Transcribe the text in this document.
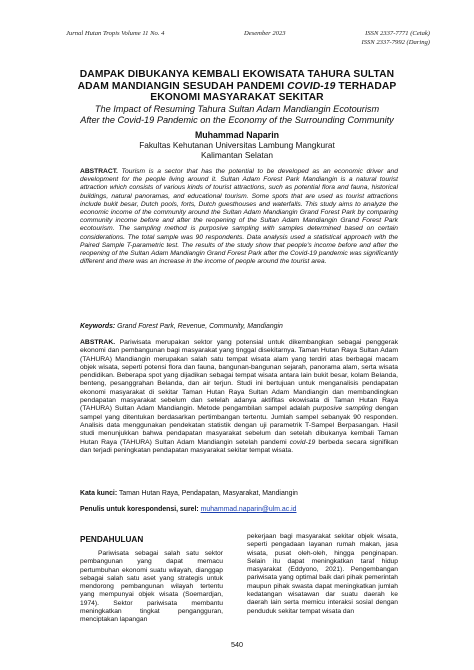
Jurnal Hutan Tropis Volume 11 No. 4	Desember 2023	ISSN 2337-7771 (Cetak)
ISSN 2337-7992 (Daring)
DAMPAK DIBUKANYA KEMBALI EKOWISATA TAHURA SULTAN
ADAM MANDIANGIN SESUDAH PANDEMI COVID-19 TERHADAP
EKONOMI MASYARAKAT SEKITAR
The Impact of Resuming Tahura Sultan Adam Mandiangin Ecotourism
After the Covid-19 Pandemic on the Economy of the Surrounding Community
Muhammad Naparin
Fakultas Kehutanan Universitas Lambung Mangkurat
Kalimantan Selatan
ABSTRACT. Tourism is a sector that has the potential to be developed as an economic driver and development for the people living around it. Sultan Adam Forest Park Mandiangin is a natural tourist attraction which consists of various kinds of tourist attractions, such as potential flora and fauna, historical buildings, natural panoramas, and educational tourism. Some spots that are used as tourist attractions include bukit besar, Dutch pools, forts, Dutch guesthouses and waterfalls. This study aims to analyze the economic income of the community around the Sultan Adam Mandiangin Grand Forest Park by comparing community income before and after the reopening of the Sultan Adam Mandiangin Grand Forest Park ecotourism. The sampling method is purposive sampling with samples determined based on certain considerations. The total sample was 90 respondents. Data analysis used a statistical approach with the Paired Sample T-parametric test. The results of the study show that people's income before and after the reopening of the Sultan Adam Mandiangin Grand Forest Park after the Covid-19 pandemic was significantly different and there was an increase in the income of people around the tourist area.
Keywords: Grand Forest Park, Revenue, Community, Mandiangin
ABSTRAK. Pariwisata merupakan sektor yang potensial untuk dikembangkan sebagai penggerak ekonomi dan pembangunan bagi masyarakat yang tinggal disekitarnya. Taman Hutan Raya Sultan Adam (TAHURA) Mandiangin merupakan salah satu tempat wisata alam yang terdiri atas berbagai macam objek wisata, seperti potensi flora dan fauna, bangunan-bangunan sejarah, panorama alam, serta wisata pendidikan. Beberapa spot yang dijadikan sebagai tempat wisata antara lain bukit besar, kolam Belanda, benteng, pesanggrahan Belanda, dan air terjun. Studi ini bertujuan untuk menganalisis pendapatan ekonomi masyarakat di sekitar Taman Hutan Raya Sultan Adam Mandiangin dan membandingkan pendapatan masyarakat sebelum dan setelah adanya aktifitas ekowisata di Taman Hutan Raya (TAHURA) Sultan Adam Mandiangin. Metode pengambilan sampel adalah purposive sampling dengan sampel yang ditentukan berdasarkan pertimbangan tertentu. Jumlah sampel sebanyak 90 responden. Analisis data menggunakan pendekatan statistik dengan uji parametrik T-Sampel Berpasangan. Hasil studi menunjukkan bahwa pendapatan masyarakat sebelum dan setelah dibukanya kembali Taman Hutan Raya (TAHURA) Sultan Adam Mandiangin setelah pandemi covid-19 berbeda secara signifikan dan terjadi peningkatan pendapatan masyarakat sekitar tempat wisata.
Kata kunci: Taman Hutan Raya, Pendapatan, Masyarakat, Mandiangin
Penulis untuk korespondensi, surel: muhammad.naparin@ulm.ac.id
PENDAHULUAN
Pariwisata sebagai salah satu sektor pembangunan yang dapat memacu pertumbuhan ekonomi suatu wilayah, dianggap sebagai salah satu aset yang strategis untuk mendorong pembangunan wilayah tertentu yang mempunyai objek wisata (Soemardjan, 1974). Sektor pariwisata membantu meningkatkan tingkat pengangguran, menciptakan lapangan
pekerjaan bagi masyarakat sekitar objek wisata, seperti pengadaan layanan rumah makan, jasa wisata, pusat oleh-oleh, hingga penginapan. Selain itu dapat meningkatkan taraf hidup masyarakat (Eddyono, 2021). Pengembangan pariwisata yang optimal baik dari pihak pemerintah maupun pihak swasta dapat meningkatkan jumlah kedatangan wisatawan dar suatu daerah ke daerah lain serta memicu interaksi sosial dengan penduduk sekitar tempat wisata dan
540
